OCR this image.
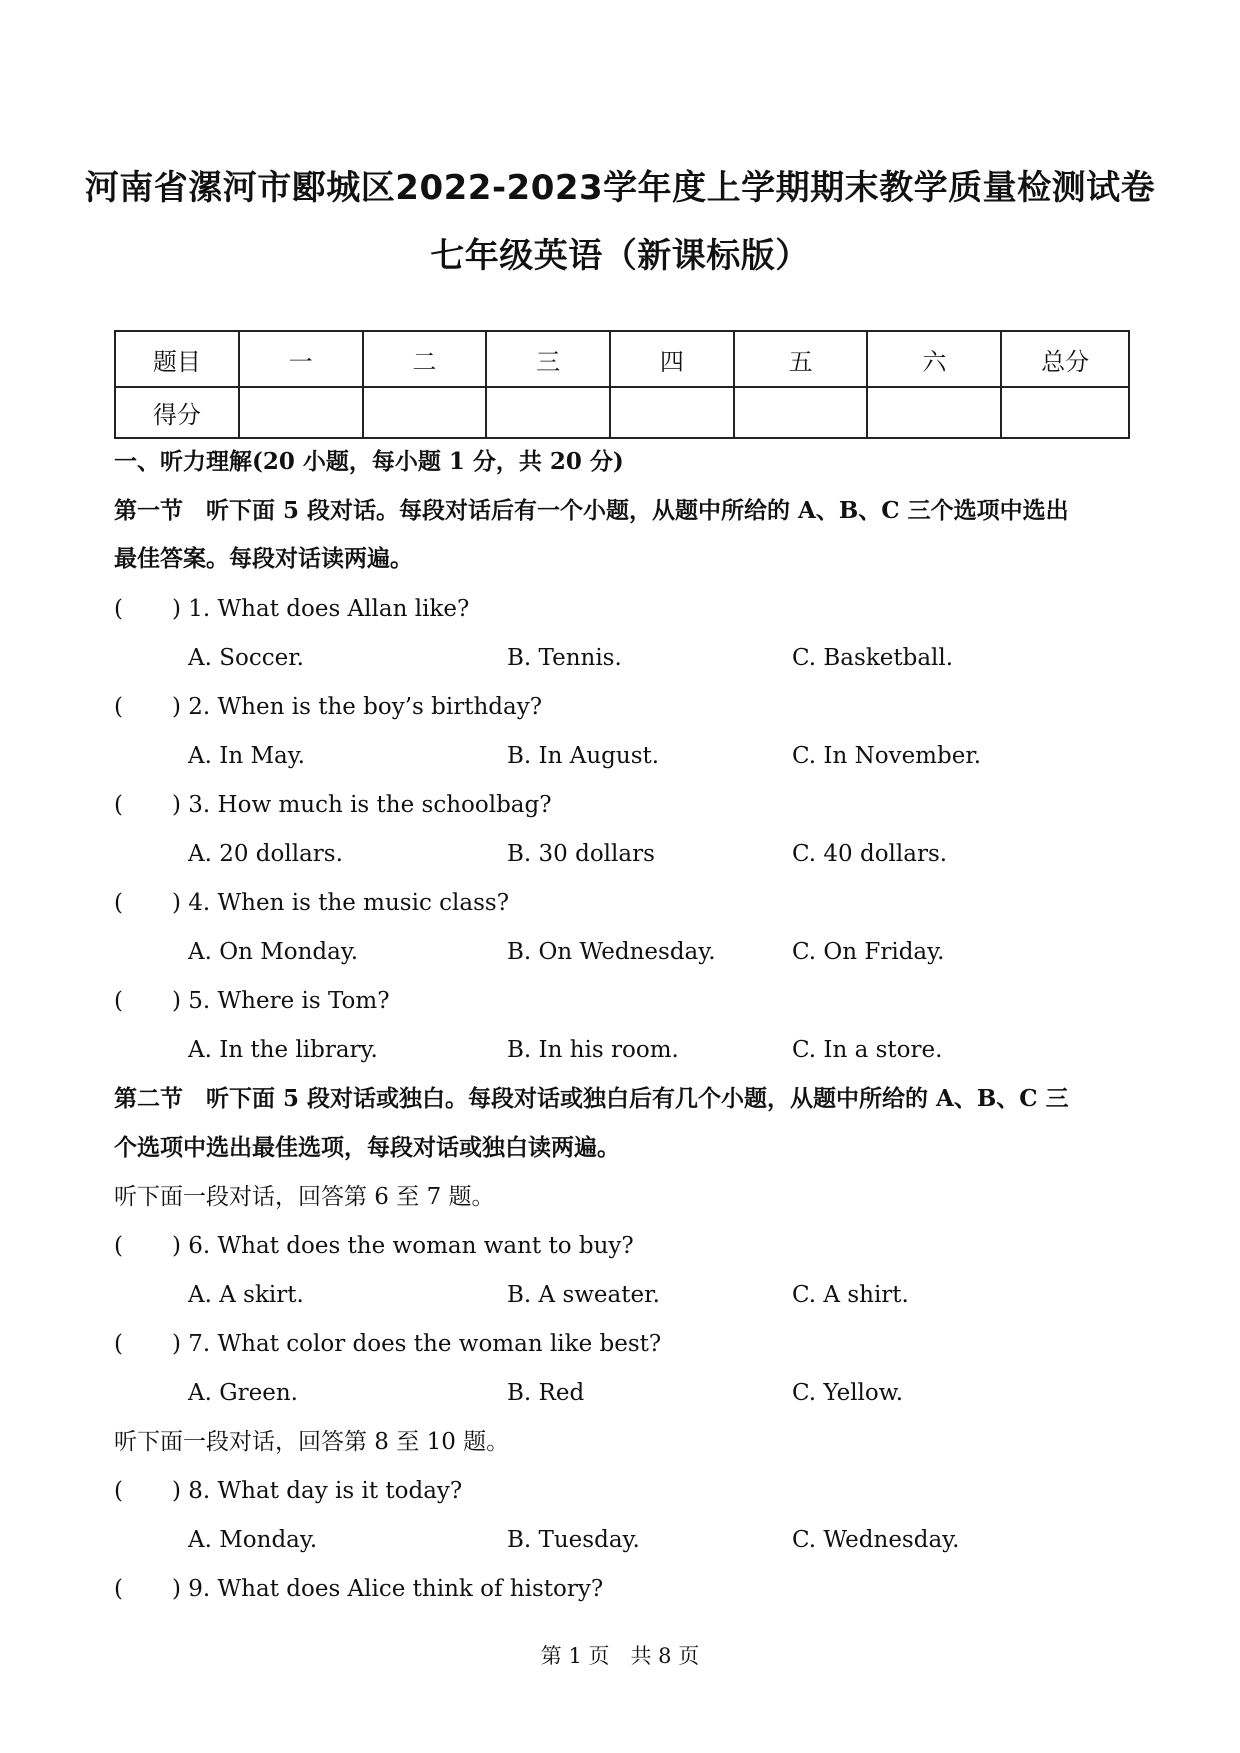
河南省漯河市郾城区2022-2023学年度上学期期末教学质量检测试卷
七年级英语（新课标版）
题目	一	二	三	四	五	六	总分
得分							
一、听力理解(20 小题，每小题 1 分，共 20 分)
第一节　听下面 5 段对话。每段对话后有一个小题，从题中所给的 A、B、C 三个选项中选出
最佳答案。每段对话读两遍。
( ) 1. What does Allan like?
A. Soccer.	B. Tennis.	C. Basketball.
( ) 2. When is the boy’s birthday?
A. In May.	B. In August.	C. In November.
( ) 3. How much is the schoolbag?
A. 20 dollars.	B. 30 dollars	C. 40 dollars.
( ) 4. When is the music class?
A. On Monday.	B. On Wednesday.	C. On Friday.
( ) 5. Where is Tom?
A. In the library.	B. In his room.	C. In a store.
第二节　听下面 5 段对话或独白。每段对话或独白后有几个小题，从题中所给的 A、B、C 三
个选项中选出最佳选项，每段对话或独白读两遍。
听下面一段对话，回答第 6 至 7 题。
( ) 6. What does the woman want to buy?
A. A skirt.	B. A sweater.	C. A shirt.
( ) 7. What color does the woman like best?
A. Green.	B. Red	C. Yellow.
听下面一段对话，回答第 8 至 10 题。
( ) 8. What day is it today?
A. Monday.	B. Tuesday.	C. Wednesday.
( ) 9. What does Alice think of history?
第 1 页　共 8 页
